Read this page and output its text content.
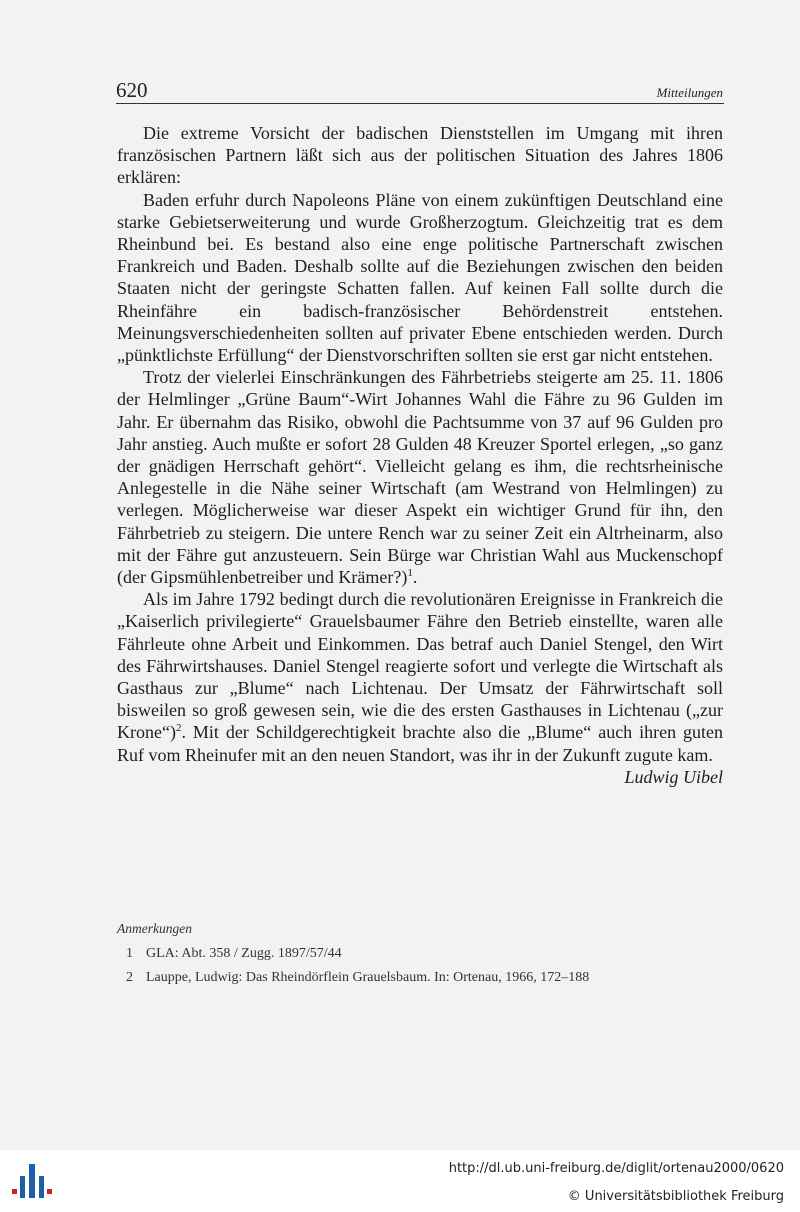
620	Mitteilungen

Die extreme Vorsicht der badischen Dienststellen im Umgang mit ihren französischen Partnern läßt sich aus der politischen Situation des Jahres 1806 erklären:

Baden erfuhr durch Napoleons Pläne von einem zukünftigen Deutschland eine starke Gebietserweiterung und wurde Großherzogtum. Gleichzeitig trat es dem Rheinbund bei. Es bestand also eine enge politische Partnerschaft zwischen Frankreich und Baden. Deshalb sollte auf die Beziehungen zwischen den beiden Staaten nicht der geringste Schatten fallen. Auf keinen Fall sollte durch die Rheinfähre ein badisch-französischer Behördenstreit entstehen. Meinungsverschiedenheiten sollten auf privater Ebene entschieden werden. Durch „pünktlichste Erfüllung“ der Dienstvorschriften sollten sie erst gar nicht entstehen.

Trotz der vielerlei Einschränkungen des Fährbetriebs steigerte am 25. 11. 1806 der Helmlinger „Grüne Baum“-Wirt Johannes Wahl die Fähre zu 96 Gulden im Jahr. Er übernahm das Risiko, obwohl die Pachtsumme von 37 auf 96 Gulden pro Jahr anstieg. Auch mußte er sofort 28 Gulden 48 Kreuzer Sportel erlegen, „so ganz der gnädigen Herrschaft gehört“. Vielleicht gelang es ihm, die rechtsrheinische Anlegestelle in die Nähe seiner Wirtschaft (am Westrand von Helmlingen) zu verlegen. Möglicherweise war dieser Aspekt ein wichtiger Grund für ihn, den Fährbetrieb zu steigern. Die untere Rench war zu seiner Zeit ein Altrheinarm, also mit der Fähre gut anzusteuern. Sein Bürge war Christian Wahl aus Muckenschopf (der Gipsmühlenbetreiber und Krämer?)$^1$.

Als im Jahre 1792 bedingt durch die revolutionären Ereignisse in Frankreich die „Kaiserlich privilegierte“ Grauelsbaumer Fähre den Betrieb einstellte, waren alle Fährleute ohne Arbeit und Einkommen. Das betraf auch Daniel Stengel, den Wirt des Fährwirtshauses. Daniel Stengel reagierte sofort und verlegte die Wirtschaft als Gasthaus zur „Blume“ nach Lichtenau. Der Umsatz der Fährwirtschaft soll bisweilen so groß gewesen sein, wie die des ersten Gasthauses in Lichtenau („zur Krone“)$^2$. Mit der Schildgerechtigkeit brachte also die „Blume“ auch ihren guten Ruf vom Rheinufer mit an den neuen Standort, was ihr in der Zukunft zugute kam.

Ludwig Uibel
Anmerkungen
1 GLA: Abt. 358 / Zugg. 1897/57/44
2 Lauppe, Ludwig: Das Rheindörflein Grauelsbaum. In: Ortenau, 1966, 172–188
http://dl.ub.uni-freiburg.de/diglit/ortenau2000/0620
© Universitätsbibliothek Freiburg
